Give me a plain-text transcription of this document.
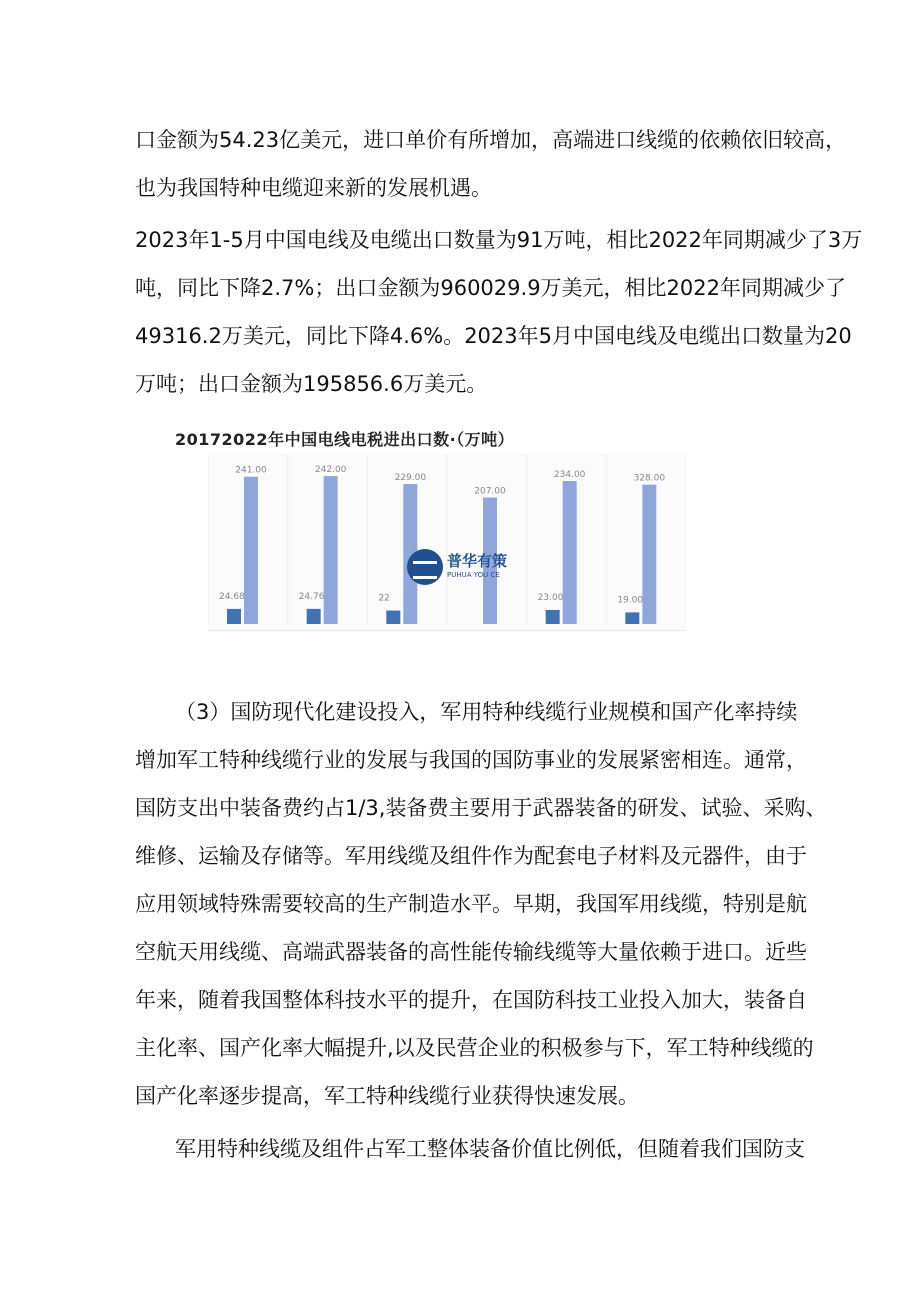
口金额为54.23亿美元，进口单价有所增加，高端进口线缆的依赖依旧较高，

也为我国特种电缆迎来新的发展机遇。

2023年1-5月中国电线及电缆出口数量为91万吨，相比2022年同期减少了3万

吨，同比下降2.7%；出口金额为960029.9万美元，相比2022年同期减少了

49316.2万美元，同比下降4.6%。2023年5月中国电线及电缆出口数量为20

万吨；出口金额为195856.6万美元。

20172022年中国电线电税进出口数·（万吨）
24.68
241.00
24.76
242.00
22
229.00
207.00
23.00
234.00
19.00
328.00
普华有策
PUHUA YOU CE

（3）国防现代化建设投入，军用特种线缆行业规模和国产化率持续

增加军工特种线缆行业的发展与我国的国防事业的发展紧密相连。通常，

国防支出中装备费约占1/3,装备费主要用于武器装备的研发、试验、采购、

维修、运输及存储等。军用线缆及组件作为配套电子材料及元器件，由于

应用领域特殊需要较高的生产制造水平。早期，我国军用线缆，特别是航

空航天用线缆、高端武器装备的高性能传输线缆等大量依赖于进口。近些

年来，随着我国整体科技水平的提升，在国防科技工业投入加大，装备自

主化率、国产化率大幅提升,以及民营企业的积极参与下，军工特种线缆的

国产化率逐步提高，军工特种线缆行业获得快速发展。

军用特种线缆及组件占军工整体装备价值比例低，但随着我们国防支
